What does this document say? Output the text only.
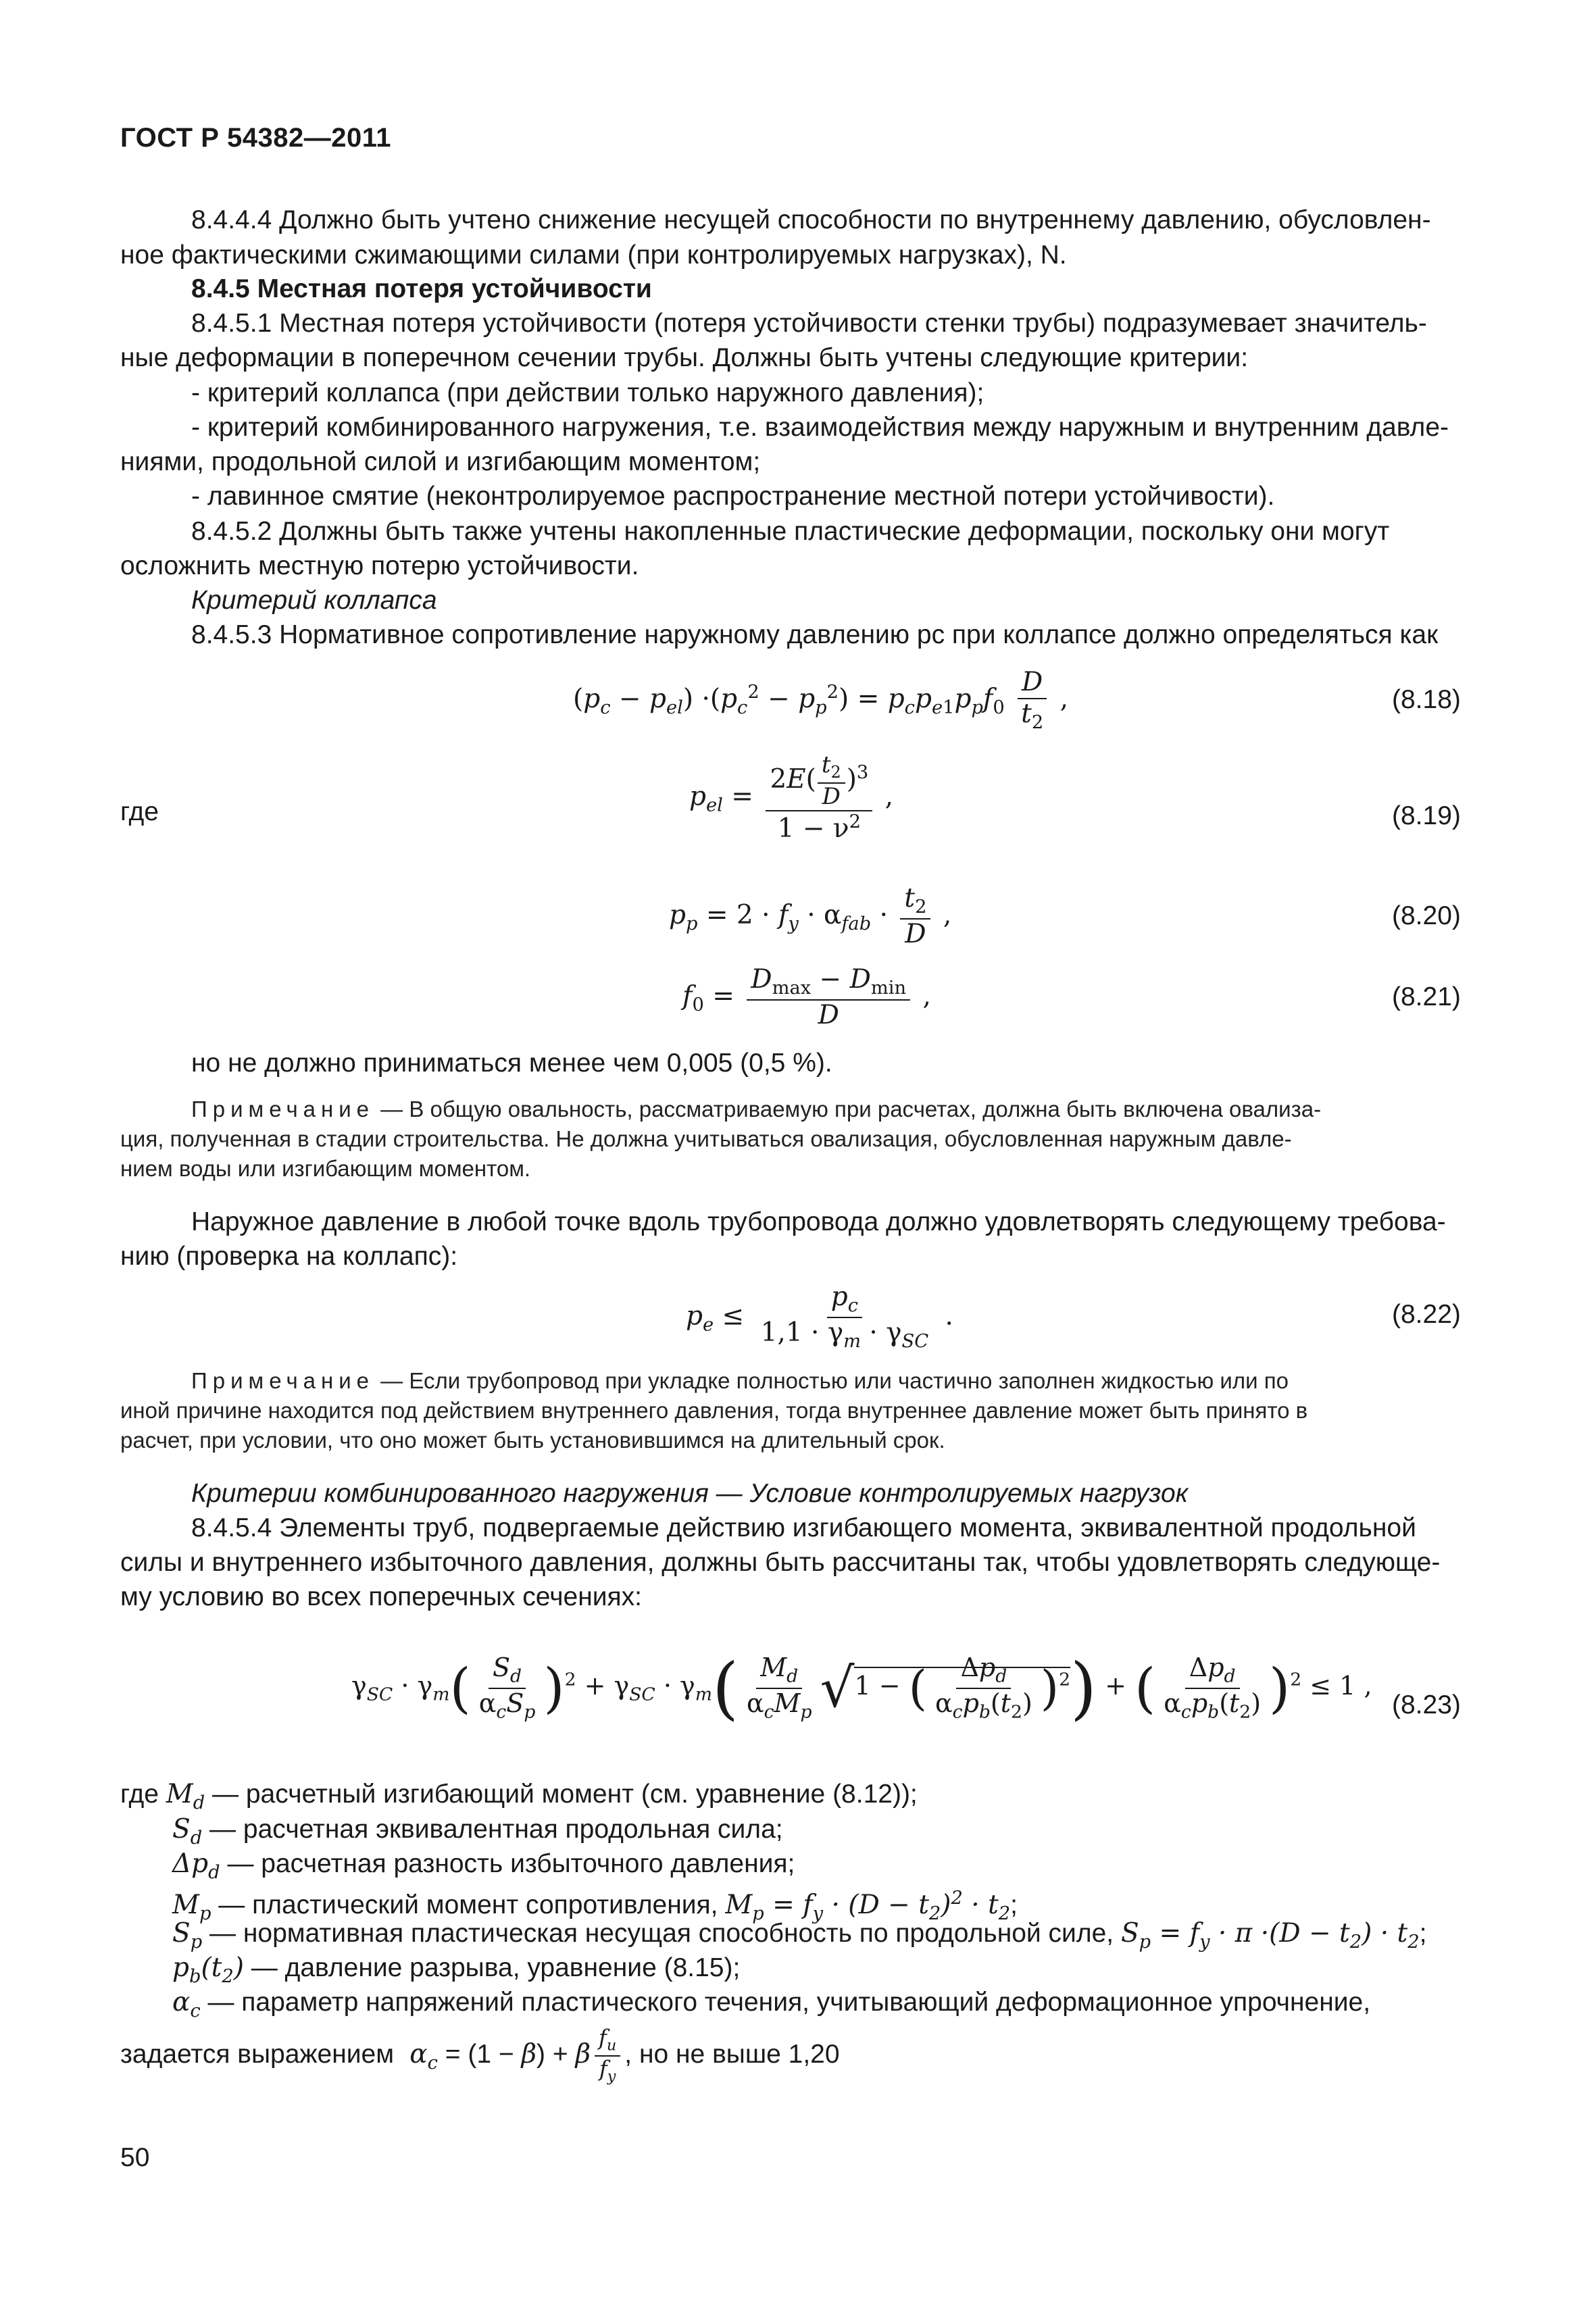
ГОСТ Р 54382—2011
8.4.4.4 Должно быть учтено снижение несущей способности по внутреннему давлению, обусловлен-
ное фактическими сжимающими силами (при контролируемых нагрузках), N.
8.4.5 Местная потеря устойчивости
8.4.5.1 Местная потеря устойчивости (потеря устойчивости стенки трубы) подразумевает значитель-
ные деформации в поперечном сечении трубы. Должны быть учтены следующие критерии:
- критерий коллапса (при действии только наружного давления);
- критерий комбинированного нагружения, т.е. взаимодействия между наружным и внутренним давле-
ниями, продольной силой и изгибающим моментом;
- лавинное смятие (неконтролируемое распространение местной потери устойчивости).
8.4.5.2 Должны быть также учтены накопленные пластические деформации, поскольку они могут
осложнить местную потерю устойчивости.
Критерий коллапса
8.4.5.3 Нормативное сопротивление наружному давлению pc при коллапсе должно определяться как
$(p_c - p_{el}) \cdot(p_c^2 - p_p^2) = p_cp_{e1}p_pf_0 \frac{D}{t_2}$ ,	(8.18)
где	$p_{el} = \frac{2E( \frac{t_2}{D} )^3}{1 - \nu^2}$ ,
(8.19)
$p_p = 2 \cdot f_y \cdot \alpha_{fab} \cdot \frac{t_2}{D}$ ,	(8.20)
$f_0 = \frac{D_{max} - D_{min}}{D}$ ,	(8.21)
но не должно приниматься менее чем 0,005 (0,5 %).
Примечание — В общую овальность, рассматриваемую при расчетах, должна быть включена овализа-
ция, полученная в стадии строительства. Не должна учитываться овализация, обусловленная наружным давле-
нием воды или изгибающим моментом.
Наружное давление в любой точке вдоль трубопровода должно удовлетворять следующему требова-
нию (проверка на коллапс):
$p_e \le \frac{p_c}{1,1 \cdot \gamma_m \cdot \gamma_{SC}}$ .	(8.22)
Примечание — Если трубопровод при укладке полностью или частично заполнен жидкостью или по
иной причине находится под действием внутреннего давления, тогда внутреннее давление может быть принято в
расчет, при условии, что оно может быть установившимся на длительный срок.
Критерии комбинированного нагружения — Условие контролируемых нагрузок
8.4.5.4 Элементы труб, подвергаемые действию изгибающего момента, эквивалентной продольной
силы и внутреннего избыточного давления, должны быть рассчитаны так, чтобы удовлетворять следующе-
му условию во всех поперечных сечениях:
$\gamma_{SC} \cdot \gamma_m( \frac{S_d}{\alpha_cS_p} )^2 + \gamma_{SC} \cdot \gamma_m( \frac{M_d}{\alpha_cM_p} √1$ − ( $\frac{\Delta p_d}{\alpha_cp_b(t_2)} )^2$) + ( $\frac{\Delta p_d}{\alpha_cp_b(t_2)} )^2 \le 1$ ,
(8.23)
где $M_d$ — расчетный изгибающий момент (см. уравнение (8.12));
$S_d$ — расчетная эквивалентная продольная сила;
$\Delta p_d$ — расчетная разность избыточного давления;
$M_p$ — пластический момент сопротивления, $M_p = f_y \cdot (D - t_2)^2 \cdot t_2$;
$S_p$ — нормативная пластическая несущая способность по продольной силе, $S_p = f_y \cdot \pi \cdot(D - t_2) \cdot t_2$;
$p_b(t_2)$ — давление разрыва, уравнение (8.15);
$\alpha_c$ — параметр напряжений пластического течения, учитывающий деформационное упрочнение,
задается выражением  $\alpha_c = (1 - \beta) + \beta \frac{f_u}{f_y}$ , но не выше 1,20
50
